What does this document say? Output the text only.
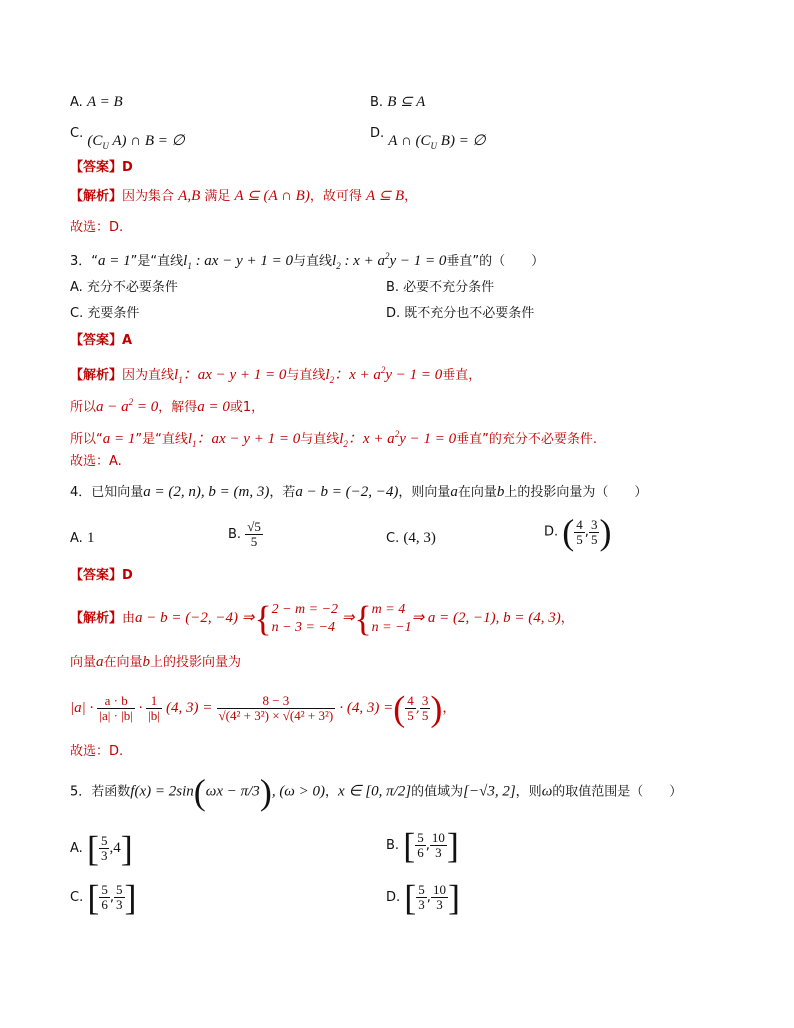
A. A = B	B. B ⊆ A
C. ($C_U$ A) ∩ B = ∅	D. A ∩ ($C_U$ B) = ∅
【答案】D
【解析】因为集合 A,B 满足 A ⊆ (A ∩ B)，故可得 A ⊆ B，
故选：D.
3．“a = 1”是“直线$l_1$ : ax − y + 1 = 0与直线$l_2$ : $x + a^2y - 1 = 0$垂直”的（　　）
A. 充分不必要条件	B. 必要不充分条件
C. 充要条件	D. 既不充分也不必要条件
【答案】A
【解析】因为直线$l_1$：ax − y + 1 = 0与直线$l_2$：$x + a^2y - 1 = 0$垂直，
所以$a - a^2 = 0$，解得a = 0或1，
所以“a = 1”是“直线$l_1$：ax − y + 1 = 0与直线$l_2$：$x + a^2y - 1 = 0$垂直”的充分不必要条件.
故选：A.
4．已知向量a = (2, n), b = (m, 3)，若a − b = (−2, −4)，则向量a在向量b上的投影向量为（　　）
A. 1	B. $\frac{√5}{5}$	C. (4, 3)	D. ( $\frac{4}{5}$ , $\frac{3}{5}$ )
【答案】D
【解析】由a − b = (−2, −4) ⇒{ 2 − m = −2
n − 3 = −4
⇒{ m = 4
n = −1
⇒ a = (2, −1), b = (4, 3)，
向量a在向量b上的投影向量为
$|a| \cdot \frac{a \cdot b}{|a| \cdot |b|} \cdot \frac{1}{|b|} (4$, $3) = \frac{8 - 3}{\text{√(4² + 3²) × √(4² + 3²)}} \cdot (4$, 3) =( $\frac{4}{5}$ , $\frac{3}{5}$ )，
故选：D.
5．若函数f(x) = 2sin(ωx − π/3), (ω > 0)，x ∈ [0, π/2]的值域为[−√3, 2]，则ω的取值范围是（　　）
A. [ $\frac{5}{3} ,4$]	B. [ $\frac{5}{6}$ , $\frac{10}{3}$ ]
C. [ $\frac{5}{6}$ , $\frac{5}{3}$ ]	D. [ $\frac{5}{3}$ , $\frac{10}{3}$ ]
